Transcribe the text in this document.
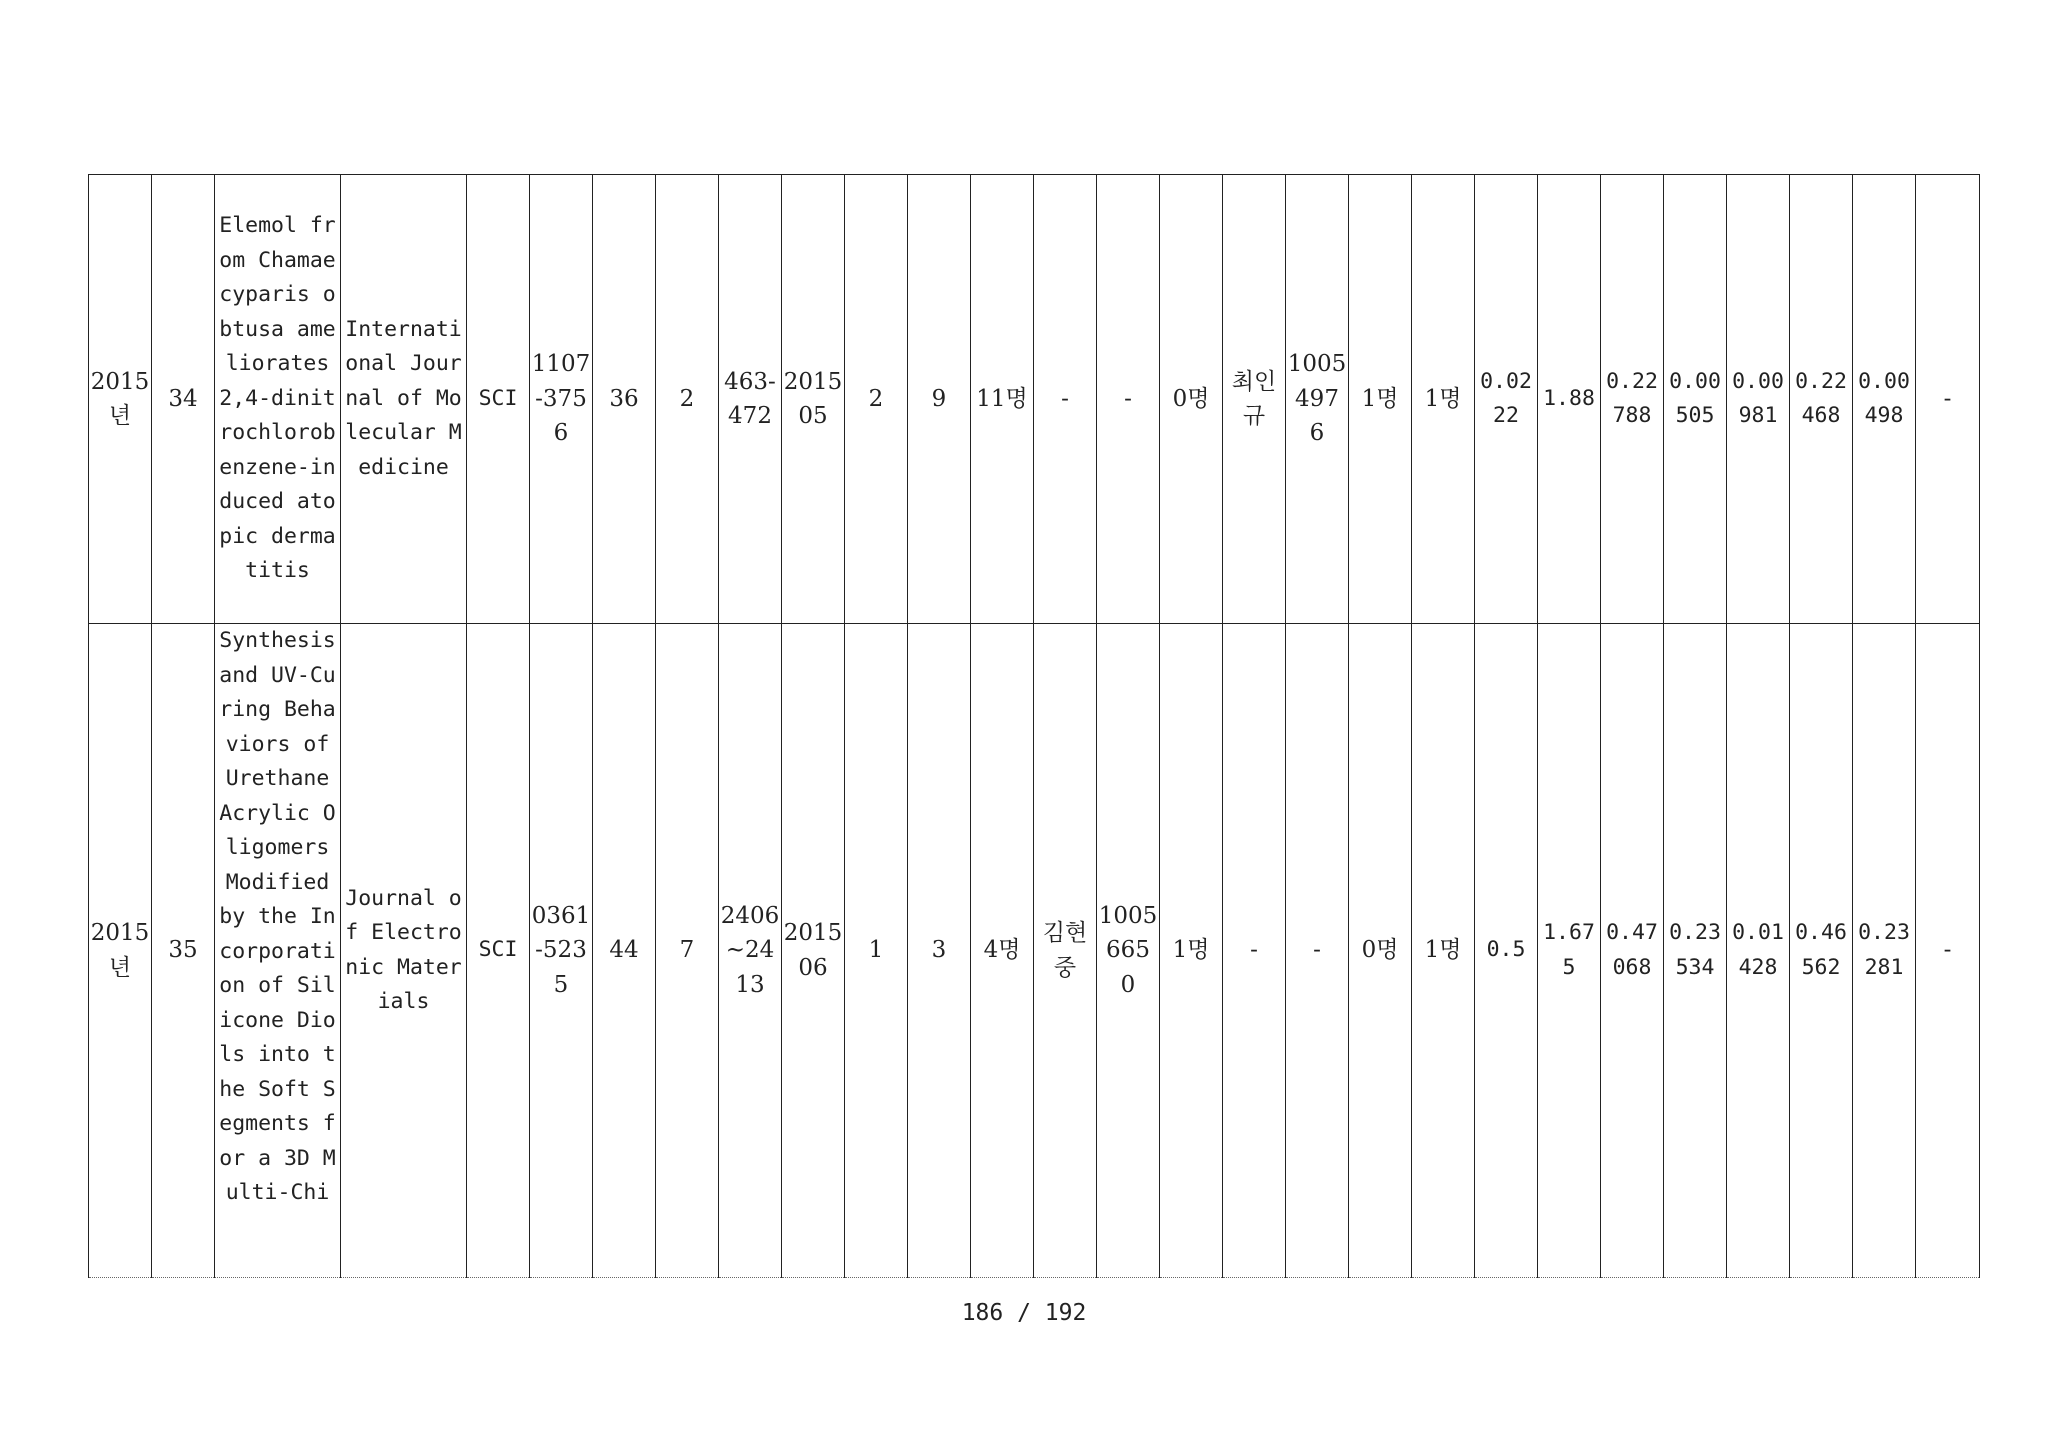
2015년	34	Elemol from Chamaecyparis obtusa ameliorates 2,4-dinitrochlorobenzene-induced atopic dermatitis	International Journal of Molecular Medicine	SCI	1107-3756	36	2	463-472	201505	2	9	11명	-	-	0명	최인규	1005497 6	1명	1명	0.0222	1.88	0.22788	0.00505	0.00981	0.22468	0.00498	-
2015년	35	Synthesis and UV-Curing Behaviors of Urethane Acrylic Oligomers Modified by the Incorporation of Silicone Diols into the Soft Segments for a 3D Multi-Chi	Journal of Electronic Materials	SCI	0361-5235	44	7	2406~2413	201506	1	3	4명	김현중	1005665 0	1명	-	-	0명	1명	0.5	1.675	0.47068	0.23534	0.01428	0.46562	0.23281	-
186 / 192
